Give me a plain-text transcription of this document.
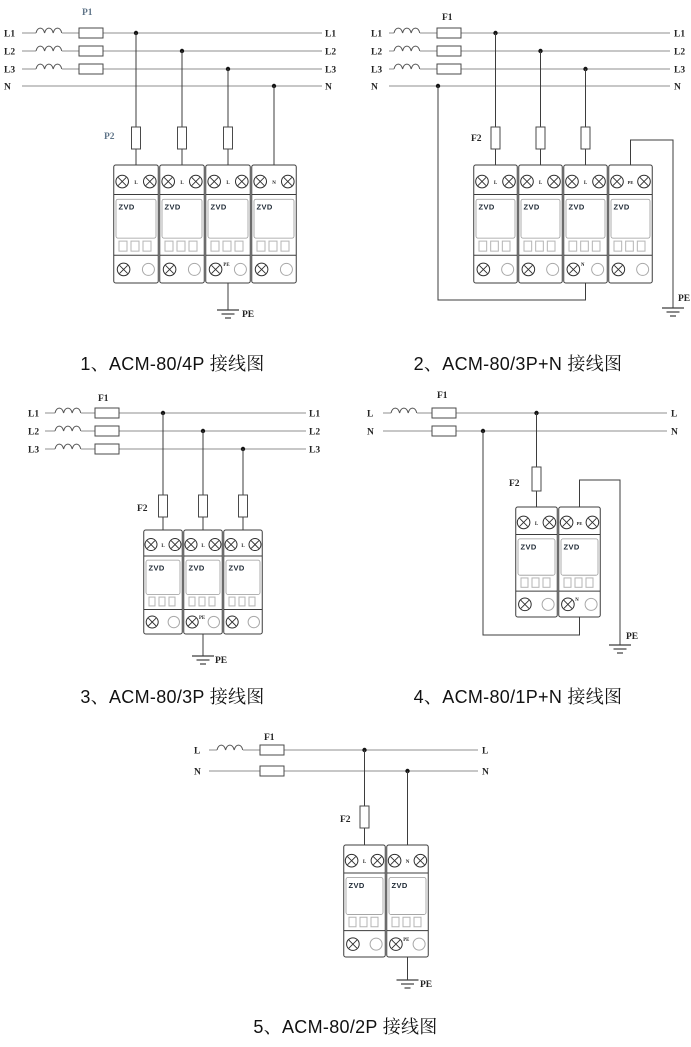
L1	L1
L2	L2
L3	L3
N	N
P1
P2
L
ZVD
L
ZVD
L
ZVD
PE
N
ZVD
PE
L1	L1
L2	L2
L3	L3
N	N
F1
F2
L
ZVD
L
ZVD
L
ZVD
N
PE
ZVD
PE
L1	L1
L2	L2
L3	L3
F1
F2
L
ZVD
L
ZVD
PE
L
ZVD
PE
L	L
N	N
F1
F2
L
ZVD
PE
ZVD
N
PE
L	L
N	N
F1
F2
L
ZVD
N
ZVD
PE
PE
1、ACM-80/4P 接线图	2、ACM-80/3P+N 接线图
3、ACM-80/3P 接线图	4、ACM-80/1P+N 接线图
5、ACM-80/2P 接线图
